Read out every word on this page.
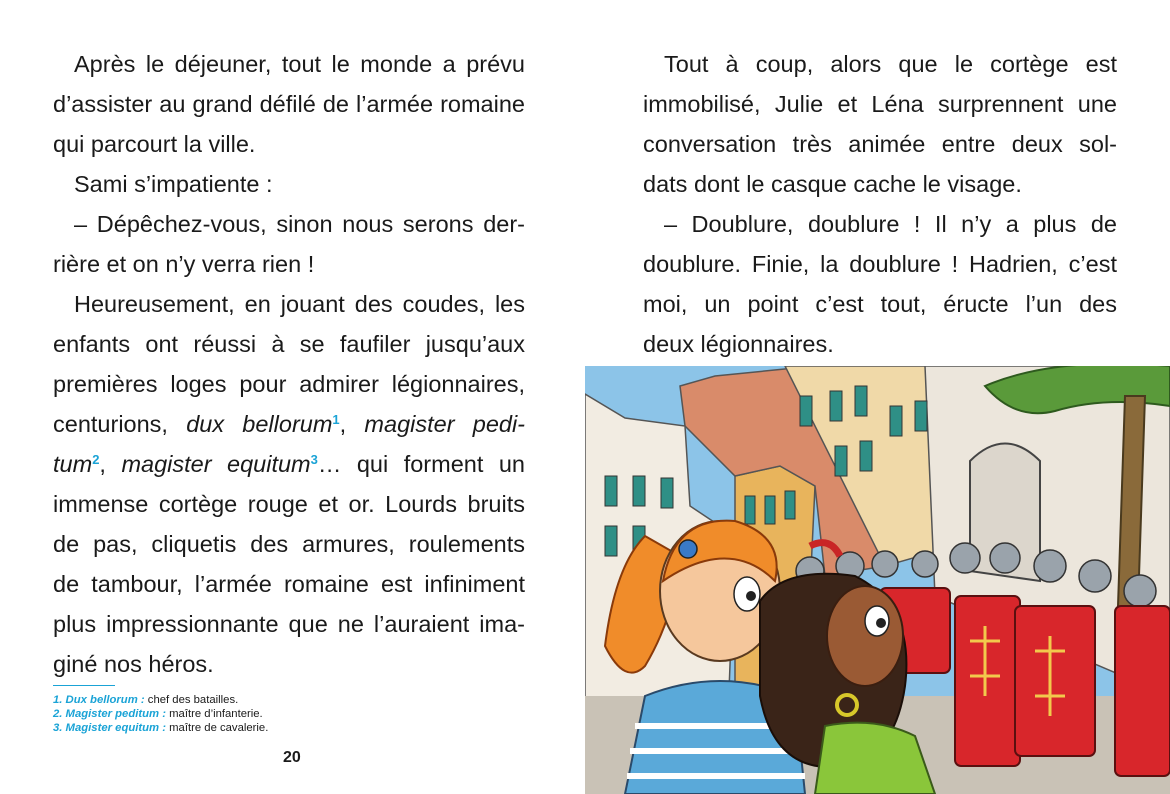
Après le déjeuner, tout le monde a prévu
d’assister au grand défilé de l’armée romaine
qui parcourt la ville.
Sami s’impatiente :
– Dépêchez-vous, sinon nous serons der-
rière et on n’y verra rien !
Heureusement, en jouant des coudes, les
enfants ont réussi à se faufiler jusqu’aux
premières loges pour admirer légionnaires,
centurions, dux bellorum$^1$, magister pedi-
tum$^2$, magister equitum$^3$… qui forment un
immense cortège rouge et or. Lourds bruits
de pas, cliquetis des armures, roulements
de tambour, l’armée romaine est infiniment
plus impressionnante que ne l’auraient ima-
giné nos héros.
1. Dux bellorum : chef des batailles.
2. Magister peditum : maître d’infanterie.
3. Magister equitum : maître de cavalerie.
20
Tout à coup, alors que le cortège est
immobilisé, Julie et Léna surprennent une
conversation très animée entre deux sol-
dats dont le casque cache le visage.
– Doublure, doublure ! Il n’y a plus de
doublure. Finie, la doublure ! Hadrien, c’est
moi, un point c’est tout, éructe l’un des
deux légionnaires.
